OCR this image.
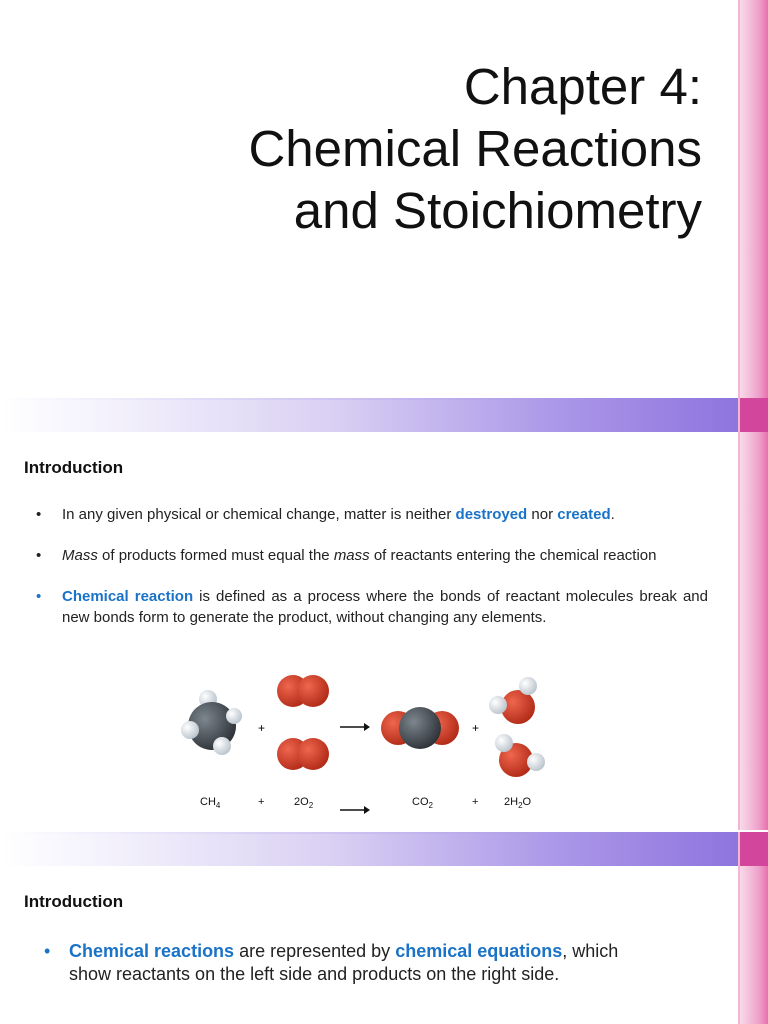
Chapter 4:
Chemical Reactions
and Stoichiometry
Introduction
• In any given physical or chemical change, matter is neither destroyed nor created.
• Mass of products formed must equal the mass of reactants entering the chemical reaction
• Chemical reaction is defined as a process where the bonds of reactant molecules break and new bonds form to generate the product, without changing any elements.
+	+
$CH_4$	+	$2O_2$	$CO_2$	+ $2H_2O$
Introduction
• Chemical reactions are represented by chemical equations, which show reactants on the left side and products on the right side.
